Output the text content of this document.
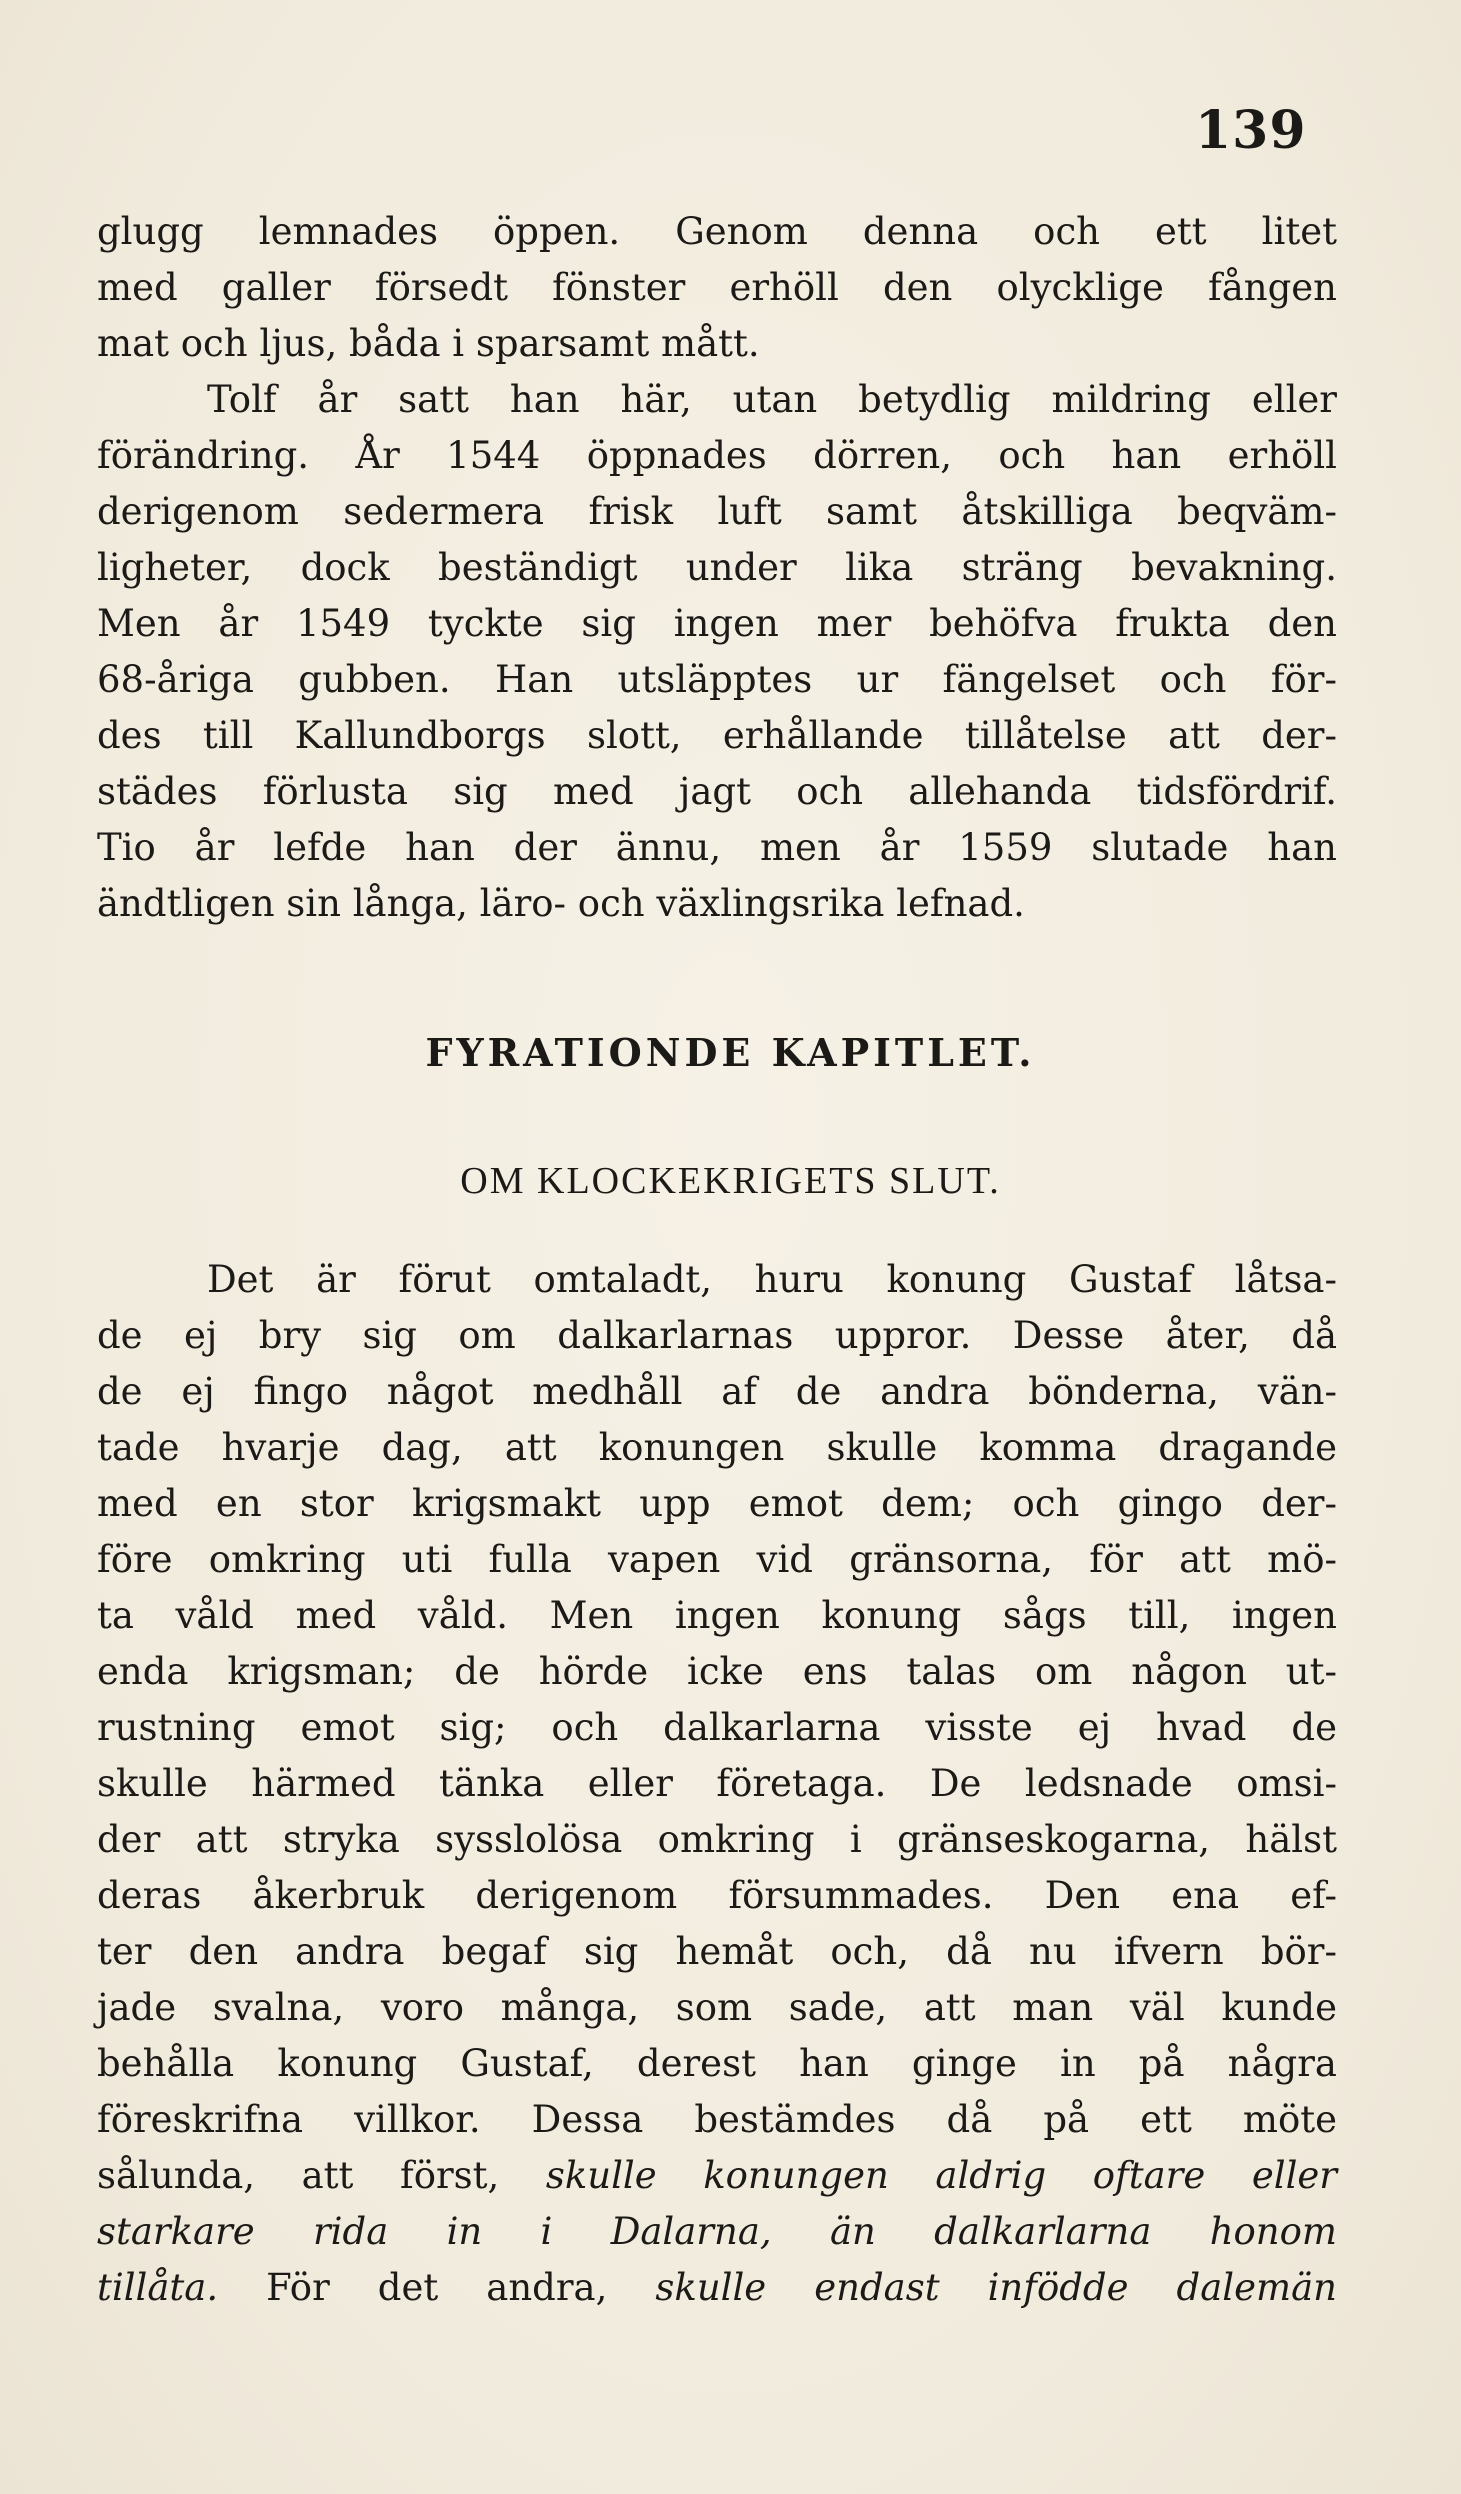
139
glugg lemnades öppen. Genom denna och ett litet
med galler försedt fönster erhöll den olycklige fången
mat och ljus, båda i sparsamt mått.
Tolf år satt han här, utan betydlig mildring eller
förändring. År 1544 öppnades dörren, och han erhöll
derigenom sedermera frisk luft samt åtskilliga beqväm-
ligheter, dock beständigt under lika sträng bevakning.
Men år 1549 tyckte sig ingen mer behöfva frukta den
68-åriga gubben. Han utsläpptes ur fängelset och för-
des till Kallundborgs slott, erhållande tillåtelse att der-
städes förlusta sig med jagt och allehanda tidsfördrif.
Tio år lefde han der ännu, men år 1559 slutade han
ändtligen sin långa, läro- och växlingsrika lefnad.
FYRATIONDE KAPITLET.
OM KLOCKEKRIGETS SLUT.
Det är förut omtaladt, huru konung Gustaf låtsa-
de ej bry sig om dalkarlarnas uppror. Desse åter, då
de ej fingo något medhåll af de andra bönderna, vän-
tade hvarje dag, att konungen skulle komma dragande
med en stor krigsmakt upp emot dem; och gingo der-
före omkring uti fulla vapen vid gränsorna, för att mö-
ta våld med våld. Men ingen konung sågs till, ingen
enda krigsman; de hörde icke ens talas om någon ut-
rustning emot sig; och dalkarlarna visste ej hvad de
skulle härmed tänka eller företaga. De ledsnade omsi-
der att stryka sysslolösa omkring i gränseskogarna, hälst
deras åkerbruk derigenom försummades. Den ena ef-
ter den andra begaf sig hemåt och, då nu ifvern bör-
jade svalna, voro många, som sade, att man väl kunde
behålla konung Gustaf, derest han ginge in på några
föreskrifna villkor. Dessa bestämdes då på ett möte
sålunda, att först, skulle konungen aldrig oftare eller
starkare rida in i Dalarna, än dalkarlarna honom
tillåta. För det andra, skulle endast infödde dalemän
